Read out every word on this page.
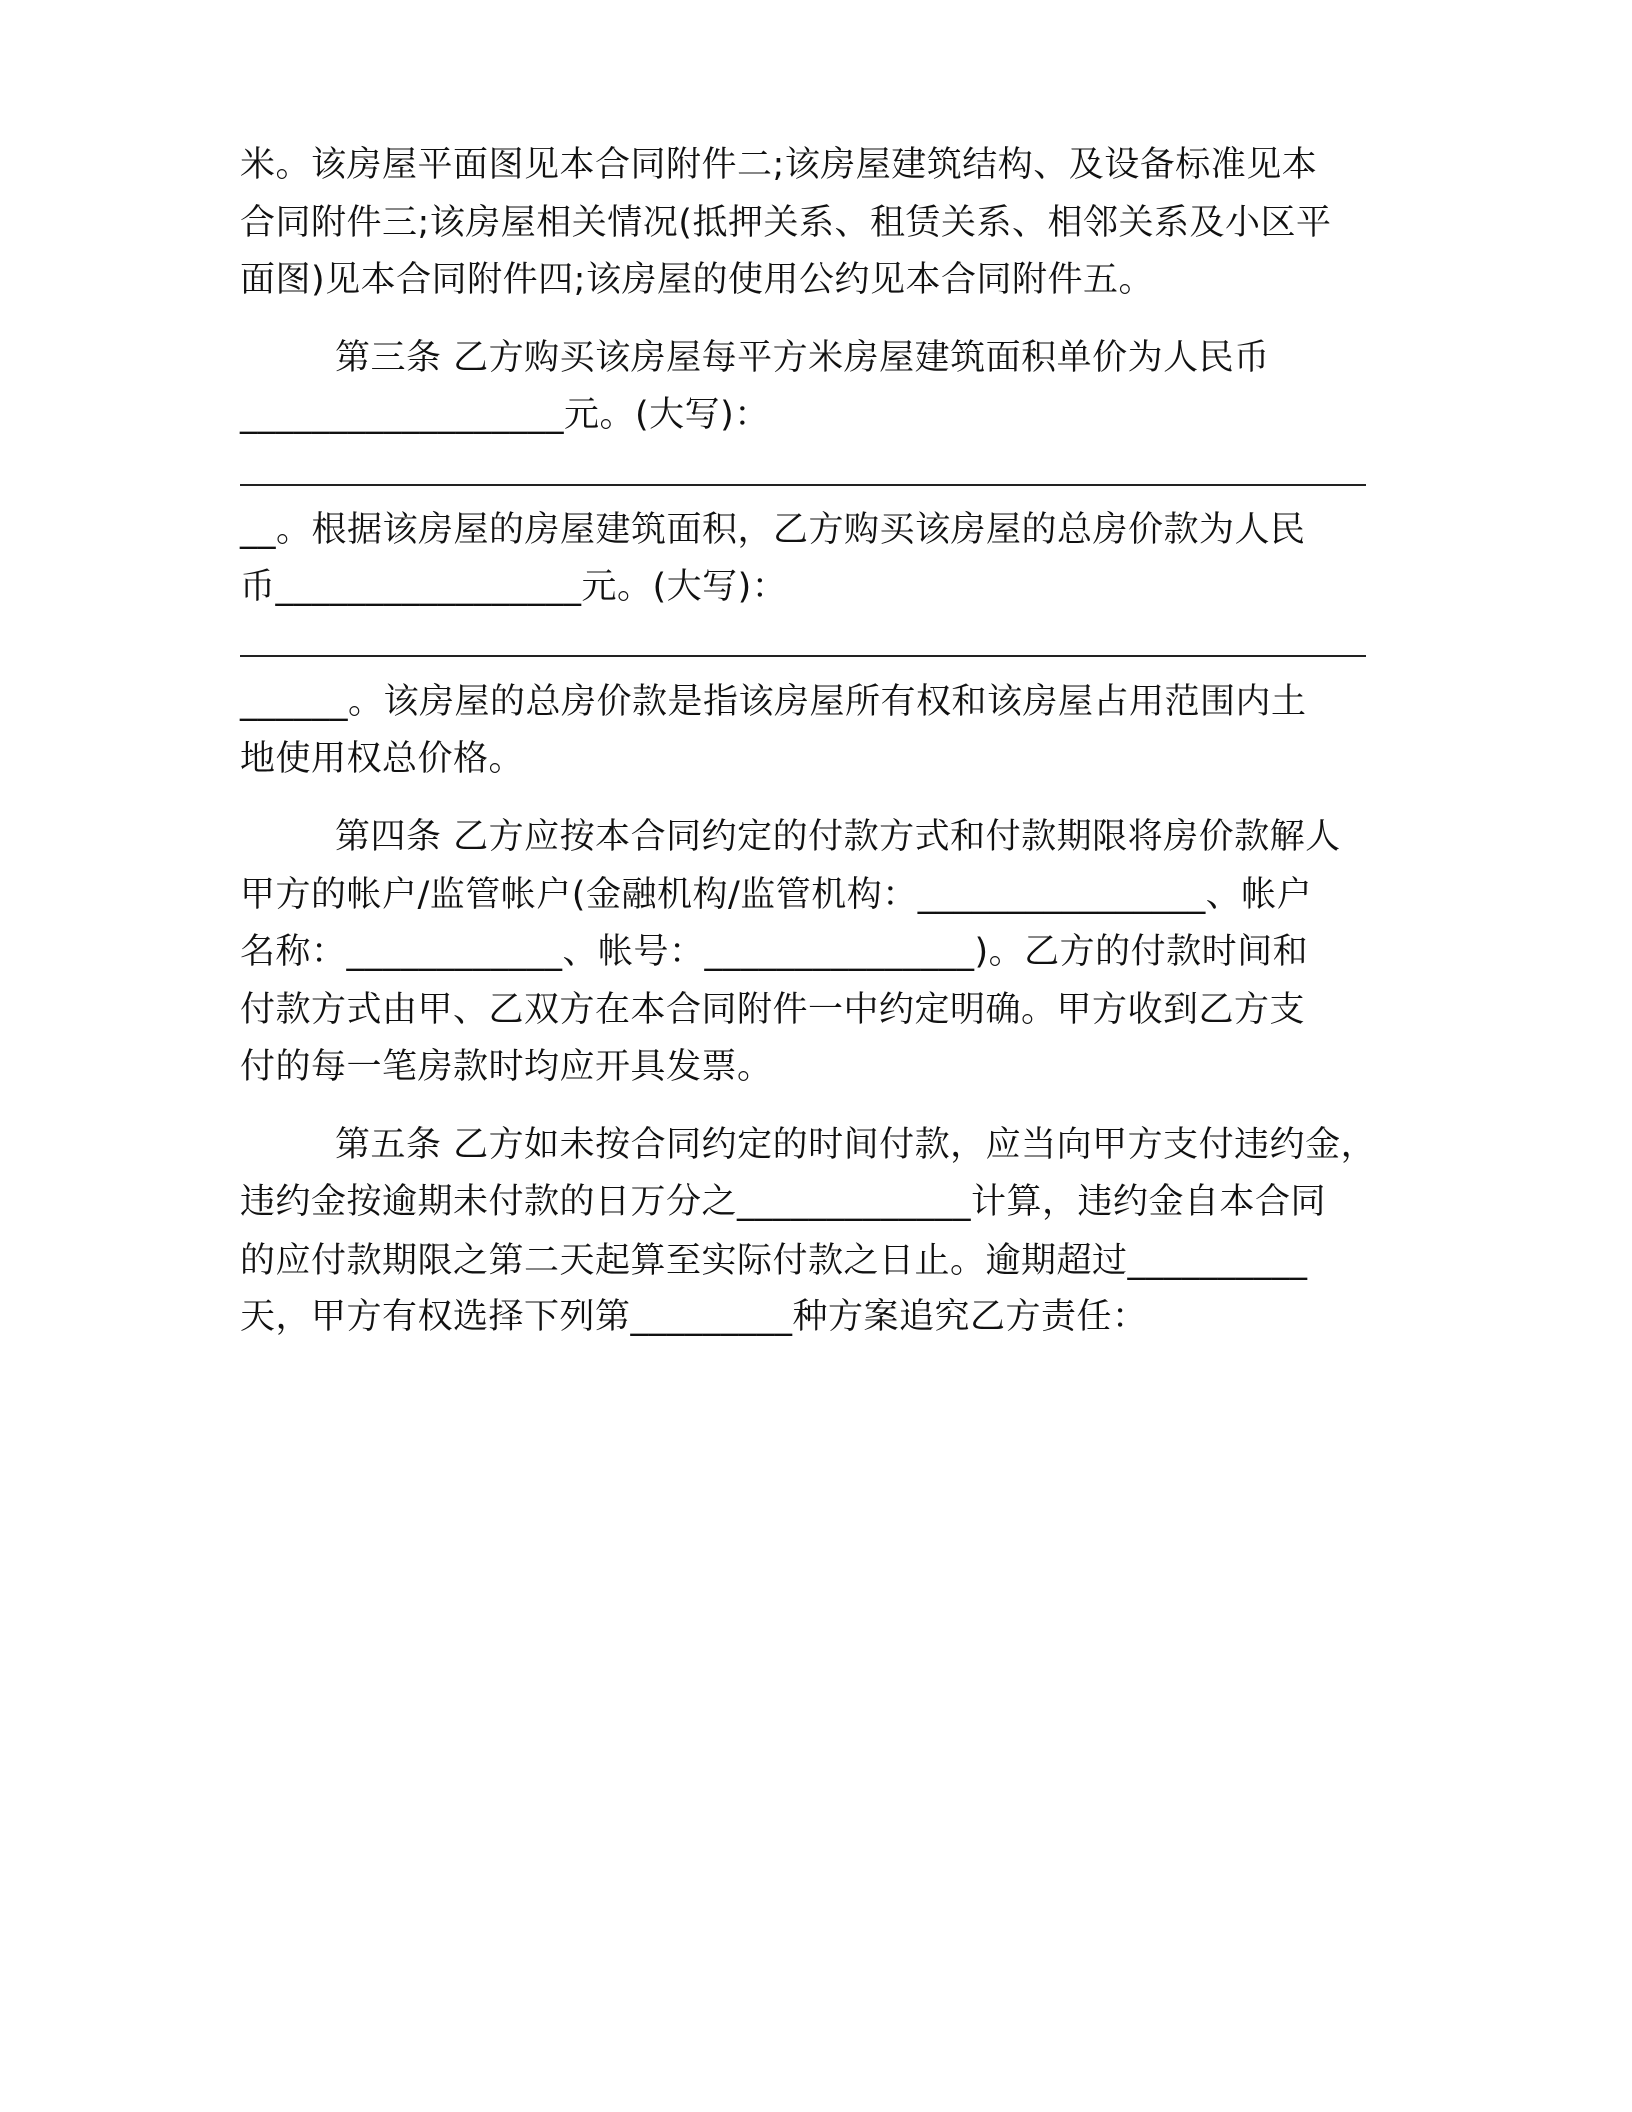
米。该房屋平面图见本合同附件二;该房屋建筑结构、及设备标准见本

合同附件三;该房屋相关情况(抵押关系、租赁关系、相邻关系及小区平

面图)见本合同附件四;该房屋的使用公约见本合同附件五。

第三条 乙方购买该房屋每平方米房屋建筑面积单价为人民币

__________________元。(大写)：

__。根据该房屋的房屋建筑面积，乙方购买该房屋的总房价款为人民

币_________________元。(大写)：

______。该房屋的总房价款是指该房屋所有权和该房屋占用范围内土

地使用权总价格。

第四条 乙方应按本合同约定的付款方式和付款期限将房价款解人

甲方的帐户/监管帐户(金融机构/监管机构：________________、帐户

名称：____________、帐号：_______________)。乙方的付款时间和

付款方式由甲、乙双方在本合同附件一中约定明确。甲方收到乙方支

付的每一笔房款时均应开具发票。

第五条 乙方如未按合同约定的时间付款，应当向甲方支付违约金，

违约金按逾期未付款的日万分之_____________计算，违约金自本合同

的应付款期限之第二天起算至实际付款之日止。逾期超过__________

天，甲方有权选择下列第_________种方案追究乙方责任：
